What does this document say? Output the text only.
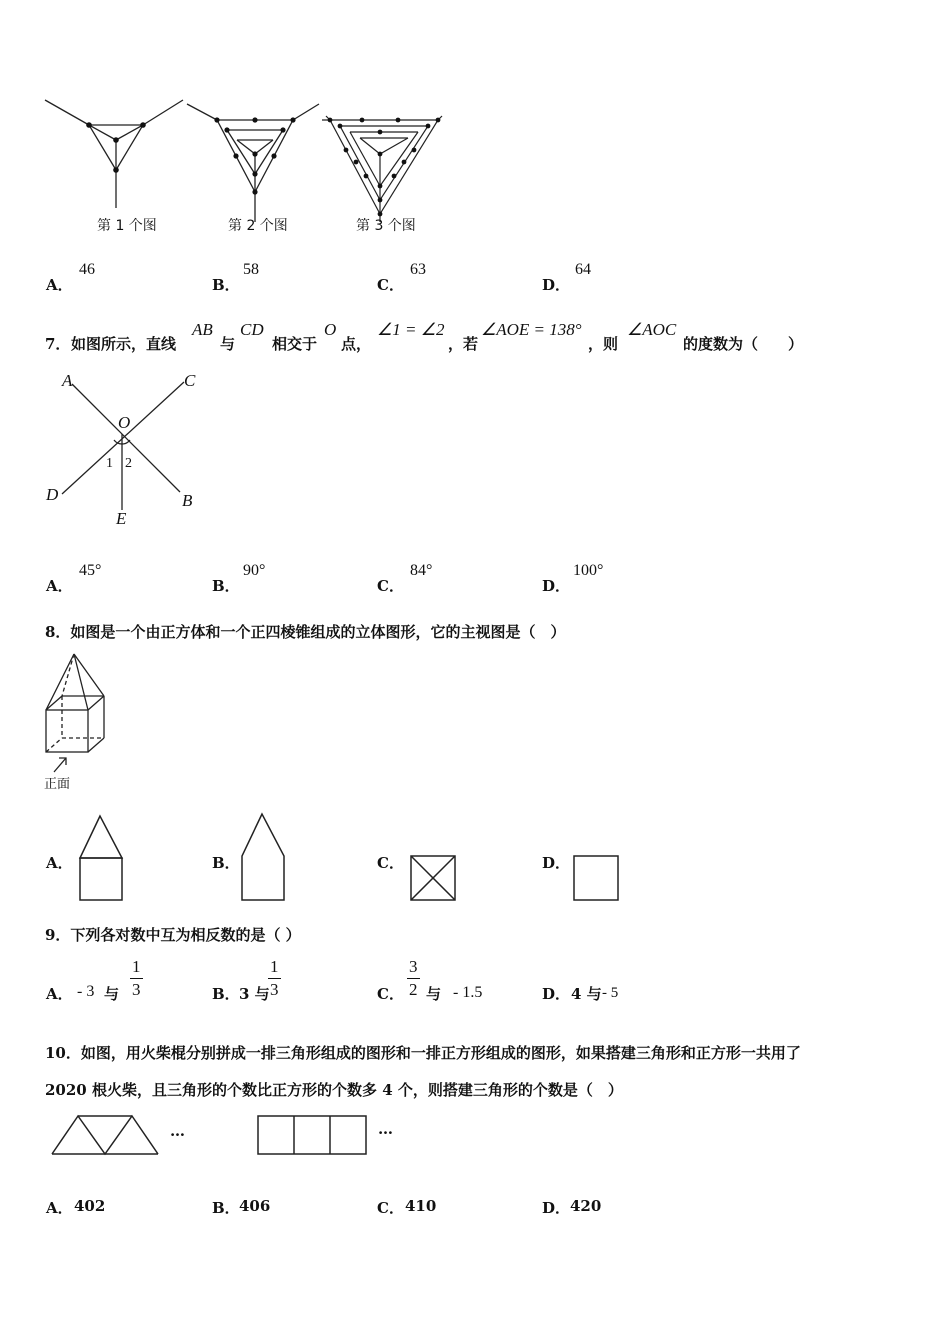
第 1 个图	第 2 个图	第 3 个图
A．
46
B．
58
C．
63
D．
64
7． 如图所示，直线
AB
与
CD
相交于
O
点，
∠1 = ∠2
，若
∠AOE = 138°
，则
∠AOC
的度数为（　　）
A	C
O
D	B
E
1 2
A．
45°
B．
90°
C．
84°
D．
100°
8．如图是一个由正方体和一个正四棱锥组成的立体图形，它的主视图是（　）
正面
A．	B．	C．	D．
9．下列各对数中互为相反数的是（ ）
A． - 3 与 $\frac{1}{3}$	B． 3 与
$\frac{1}{3}$	C． $\frac{3}{2}$ 与 - 1.5	D． 4 与 - 5
10．如图，用火柴棍分别拼成一排三角形组成的图形和一排正方形组成的图形，如果搭建三角形和正方形一共用了
2020 根火柴，且三角形的个数比正方形的个数多 4 个，则搭建三角形的个数是（　）
…	…
A． 402	B． 406	C． 410	D． 420
